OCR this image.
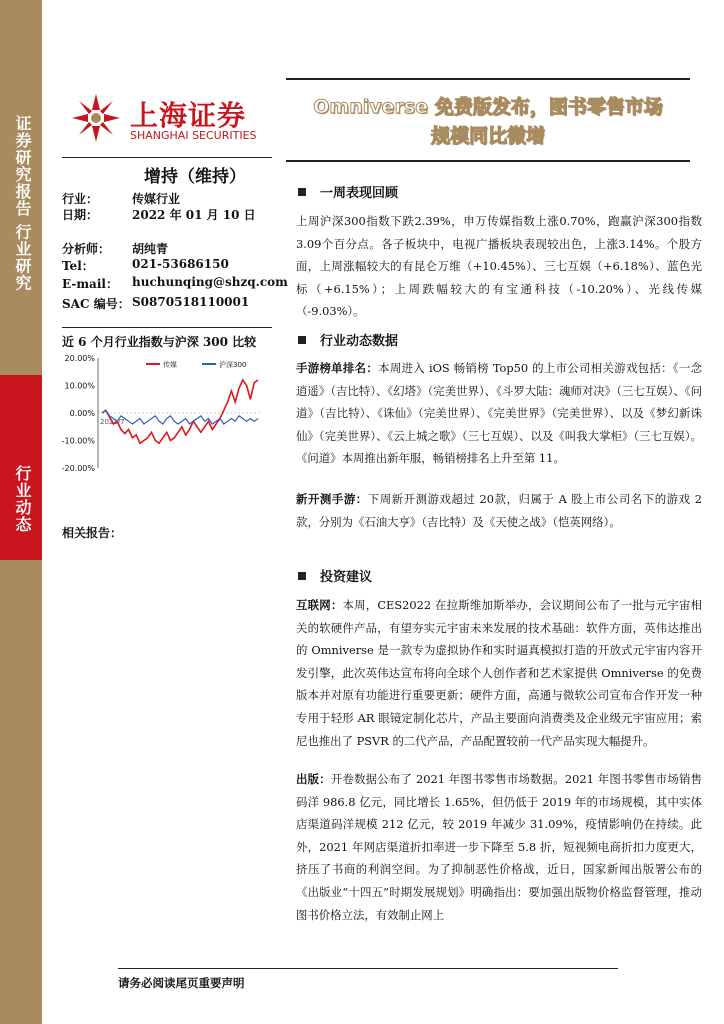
证券研究报告 行业研究
行业动态
上海证券
SHANGHAI SECURITIES
增持（维持）
行业：	传媒行业
日期：	2022 年 01 月 10 日
分析师： 胡纯青
Tel：	021-53686150
E-mail： huchunqing@shzq.com
SAC 编号： S0870518110001
近 6 个月行业指数与沪深 300 比较
20.00%
10.00%
0.00%
-10.00%
-20.00%
2021/7
传媒	沪深300
相关报告：
Omniverse 免费版发布，图书零售市场
规模同比微增
一周表现回顾
上周沪深300指数下跌2.39%，申万传媒指数上涨0.70%，跑赢沪深300指数3.09个百分点。各子板块中，电视广播板块表现较出色，上涨3.14%。个股方面，上周涨幅较大的有昆仑万维（+10.45%）、三七互娱（+6.18%）、蓝色光标（+6.15%）；上周跌幅较大的有宝通科技（-10.20%）、光线传媒（-9.03%）。
行业动态数据
手游榜单排名：本周进入 iOS 畅销榜 Top50 的上市公司相关游戏包括：《一念逍遥》（吉比特）、《幻塔》（完美世界）、《斗罗大陆：魂师对决》（三七互娱）、《问道》（吉比特）、《诛仙》（完美世界）、《完美世界》（完美世界）、以及《梦幻新诛仙》（完美世界）、《云上城之歌》（三七互娱）、以及《叫我大掌柜》（三七互娱）。《问道》本周推出新年服，畅销榜排名上升至第 11。
新开测手游：下周新开测游戏超过 20款，归属于 A 股上市公司名下的游戏 2 款，分别为《石油大亨》（吉比特）及《天使之战》（恺英网络）。
投资建议
互联网：本周，CES2022 在拉斯维加斯举办，会议期间公布了一批与元宇宙相关的软硬件产品，有望夯实元宇宙未来发展的技术基础：软件方面，英伟达推出的 Omniverse 是一款专为虚拟协作和实时逼真模拟打造的开放式元宇宙内容开发引擎，此次英伟达宣布将向全球个人创作者和艺术家提供 Omniverse 的免费版本并对原有功能进行重要更新；硬件方面，高通与微软公司宣布合作开发一种专用于轻形 AR 眼镜定制化芯片，产品主要面向消费类及企业级元宇宙应用；索尼也推出了 PSVR 的二代产品，产品配置较前一代产品实现大幅提升。
出版：开卷数据公布了 2021 年图书零售市场数据。2021 年图书零售市场销售码洋 986.8 亿元，同比增长 1.65%，但仍低于 2019 年的市场规模，其中实体店渠道码洋规模 212 亿元，较 2019 年减少 31.09%，疫情影响仍在持续。此外，2021 年网店渠道折扣率进一步下降至 5.8 折，短视频电商折扣力度更大，挤压了书商的利润空间。为了抑制恶性价格战，近日，国家新闻出版署公布的《出版业“十四五”时期发展规划》明确指出：要加强出版物价格监督管理，推动图书价格立法，有效制止网上
请务必阅读尾页重要声明
